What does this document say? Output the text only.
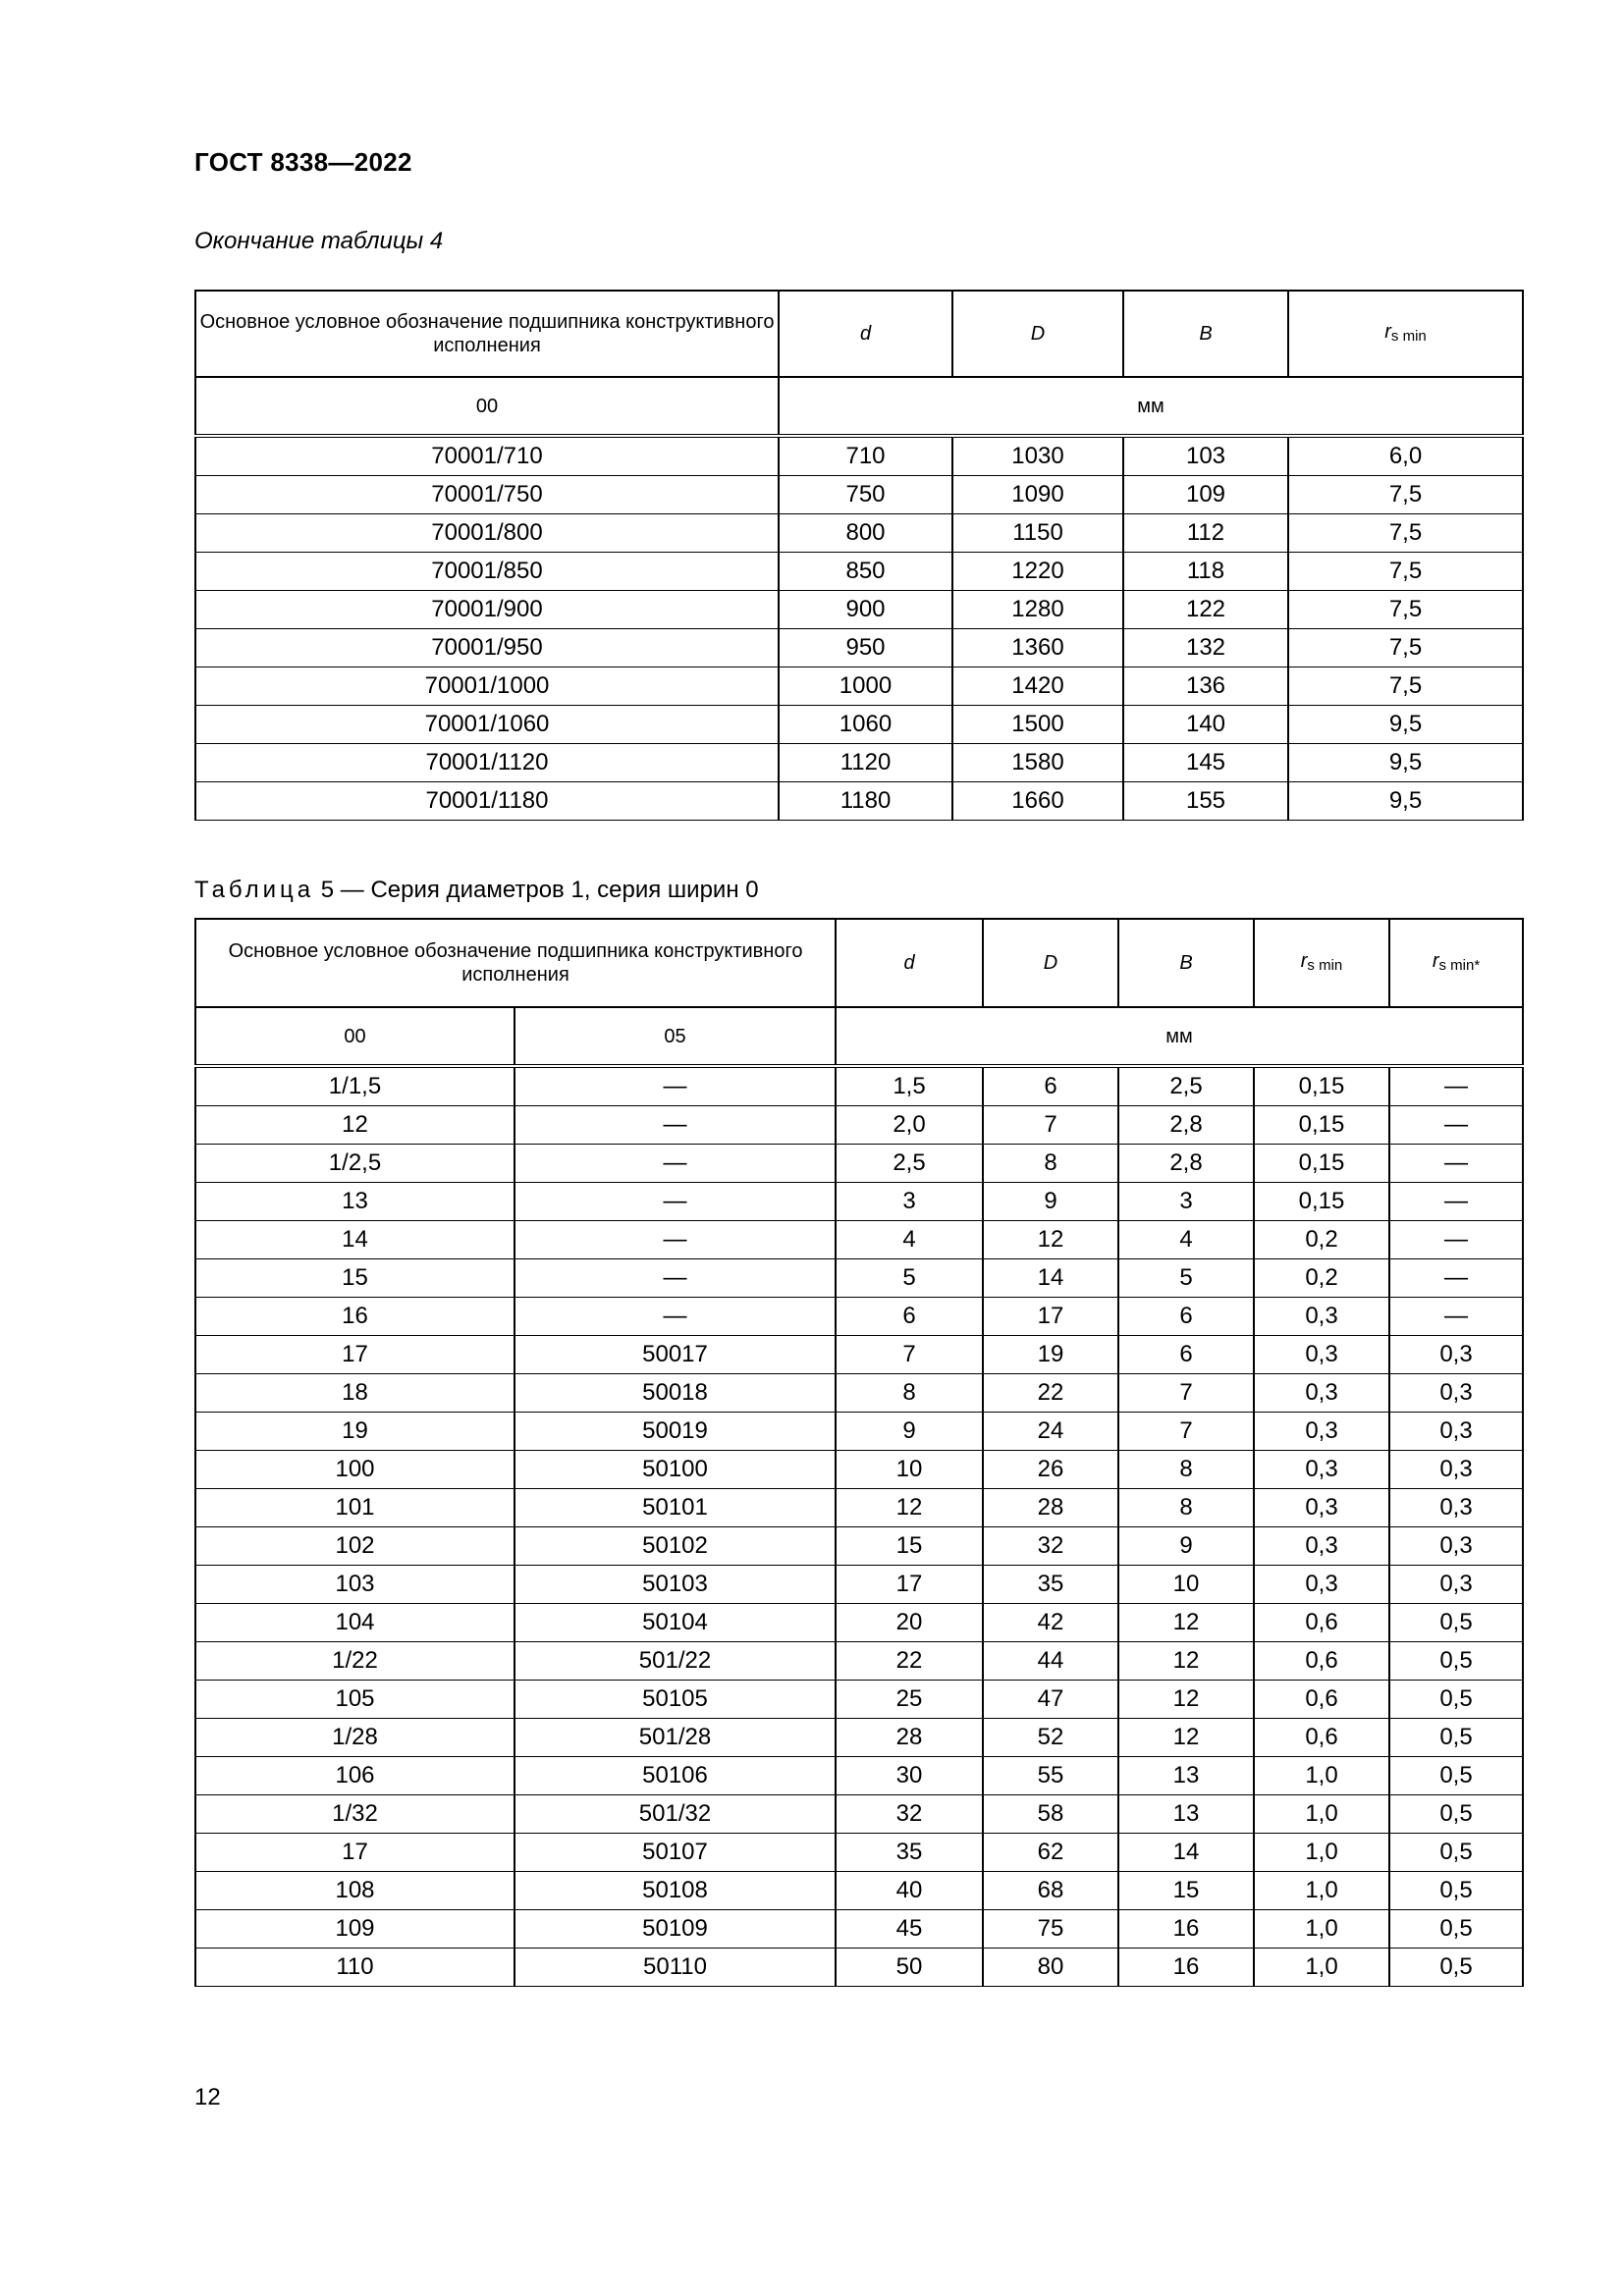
ГОСТ 8338—2022
Окончание таблицы 4
Основное условное обозначение подшипника конструктивного исполнения	d	D	B	$r_{s min}$
00	мм			
70001/710	710	1030	103	6,0
70001/750	750	1090	109	7,5
70001/800	800	1150	112	7,5
70001/850	850	1220	118	7,5
70001/900	900	1280	122	7,5
70001/950	950	1360	132	7,5
70001/1000	1000	1420	136	7,5
70001/1060	1060	1500	140	9,5
70001/1120	1120	1580	145	9,5
70001/1180	1180	1660	155	9,5
Таблица 5 — Серия диаметров 1, серия ширин 0
Основное условное обозначение подшипника конструктивного исполнения		d	D	B	$r_{s min}$	$r_{s min*}$
00	05	мм				
1/1,5	—	1,5	6	2,5	0,15	—
12	—	2,0	7	2,8	0,15	—
1/2,5	—	2,5	8	2,8	0,15	—
13	—	3	9	3	0,15	—
14	—	4	12	4	0,2	—
15	—	5	14	5	0,2	—
16	—	6	17	6	0,3	—
17	50017	7	19	6	0,3	0,3
18	50018	8	22	7	0,3	0,3
19	50019	9	24	7	0,3	0,3
100	50100	10	26	8	0,3	0,3
101	50101	12	28	8	0,3	0,3
102	50102	15	32	9	0,3	0,3
103	50103	17	35	10	0,3	0,3
104	50104	20	42	12	0,6	0,5
1/22	501/22	22	44	12	0,6	0,5
105	50105	25	47	12	0,6	0,5
1/28	501/28	28	52	12	0,6	0,5
106	50106	30	55	13	1,0	0,5
1/32	501/32	32	58	13	1,0	0,5
17	50107	35	62	14	1,0	0,5
108	50108	40	68	15	1,0	0,5
109	50109	45	75	16	1,0	0,5
110	50110	50	80	16	1,0	0,5
12
